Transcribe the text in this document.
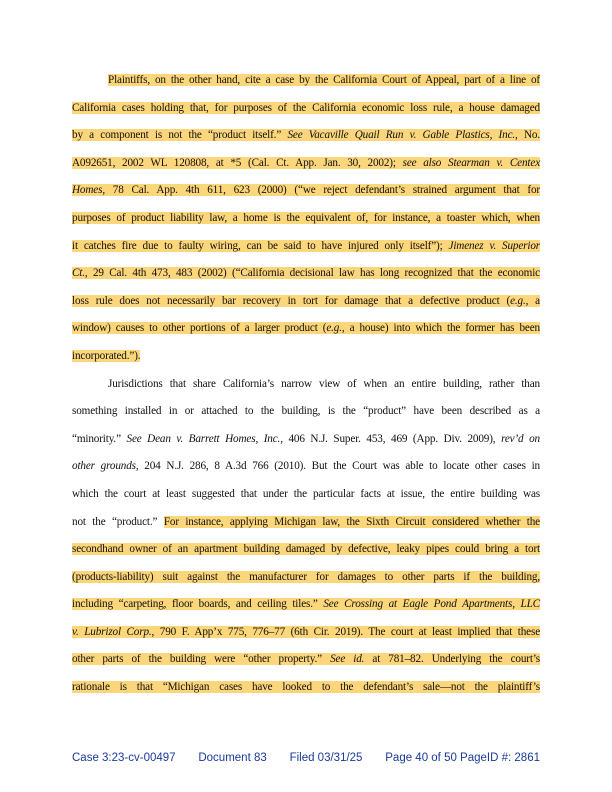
Plaintiffs, on the other hand, cite a case by the California Court of Appeal, part of a line of
California cases holding that, for purposes of the California economic loss rule, a house damaged
by a component is not the “product itself.” See Vacaville Quail Run v. Gable Plastics, Inc., No.
A092651, 2002 WL 120808, at *5 (Cal. Ct. App. Jan. 30, 2002); see also Stearman v. Centex
Homes, 78 Cal. App. 4th 611, 623 (2000) (“we reject defendant’s strained argument that for
purposes of product liability law, a home is the equivalent of, for instance, a toaster which, when
it catches fire due to faulty wiring, can be said to have injured only itself”); Jimenez v. Superior
Ct., 29 Cal. 4th 473, 483 (2002) (“California decisional law has long recognized that the economic
loss rule does not necessarily bar recovery in tort for damage that a defective product (e.g., a
window) causes to other portions of a larger product (e.g., a house) into which the former has been
incorporated.”).
Jurisdictions that share California’s narrow view of when an entire building, rather than
something installed in or attached to the building, is the “product” have been described as a
“minority.” See Dean v. Barrett Homes, Inc., 406 N.J. Super. 453, 469 (App. Div. 2009), rev’d on
other grounds, 204 N.J. 286, 8 A.3d 766 (2010). But the Court was able to locate other cases in
which the court at least suggested that under the particular facts at issue, the entire building was
not the “product.” For instance, applying Michigan law, the Sixth Circuit considered whether the
secondhand owner of an apartment building damaged by defective, leaky pipes could bring a tort
(products-liability) suit against the manufacturer for damages to other parts if the building,
including “carpeting, floor boards, and ceiling tiles.” See Crossing at Eagle Pond Apartments, LLC
v. Lubrizol Corp., 790 F. App’x 775, 776–77 (6th Cir. 2019). The court at least implied that these
other parts of the building were “other property.” See id. at 781–82. Underlying the court’s
rationale is that “Michigan cases have looked to the defendant’s sale—not the plaintiff’s
Case 3:23-cv-00497 Document 83 Filed 03/31/25 Page 40 of 50 PageID #: 2861
